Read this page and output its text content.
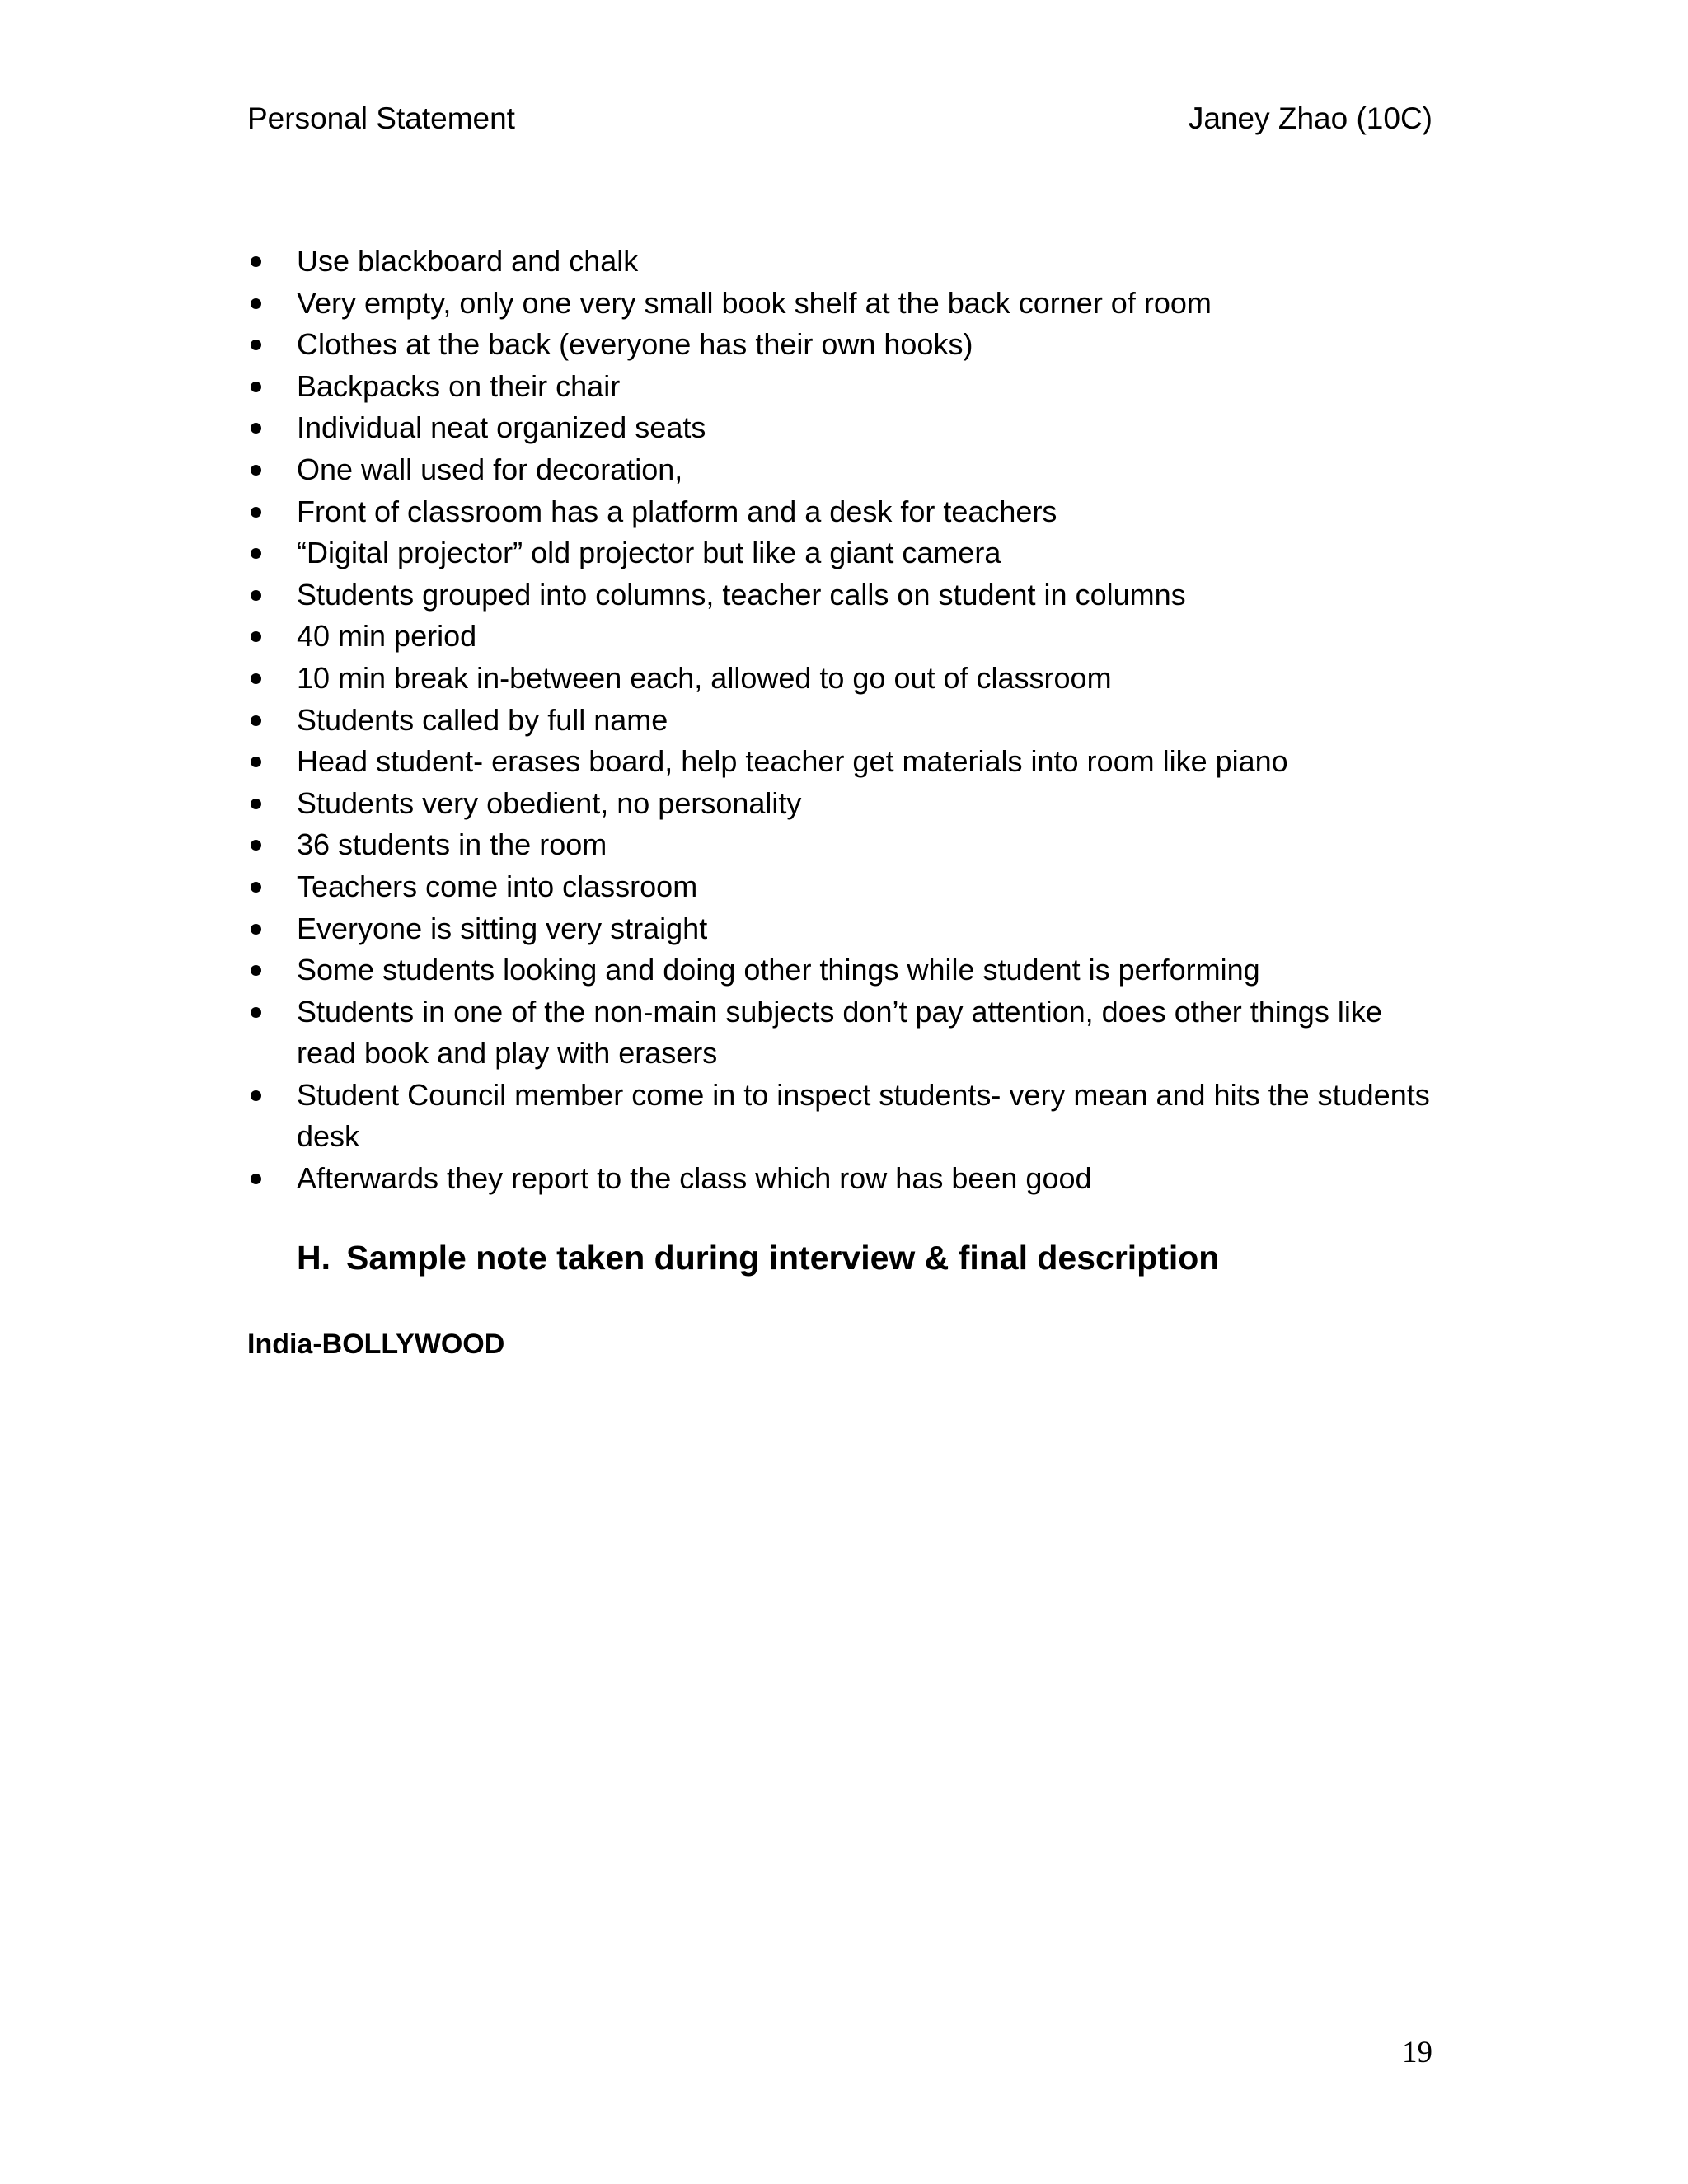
Personal Statement	Janey Zhao (10C)
Use blackboard and chalk
Very empty, only one very small book shelf at the back corner of room
Clothes at the back (everyone has their own hooks)
Backpacks on their chair
Individual neat organized seats
One wall used for decoration,
Front of classroom has a platform and a desk for teachers
“Digital projector” old projector but like a giant camera
Students grouped into columns, teacher calls on student in columns
40 min period
10 min break in-between each, allowed to go out of classroom
Students called by full name
Head student- erases board, help teacher get materials into room like piano
Students very obedient, no personality
36 students in the room
Teachers come into classroom
Everyone is sitting very straight
Some students looking and doing other things while student is performing
Students in one of the non-main subjects don’t pay attention, does other things like read book and play with erasers
Student Council member come in to inspect students- very mean and hits the students desk
Afterwards they report to the class which row has been good
H. Sample note taken during interview & final description
India-BOLLYWOOD
19
